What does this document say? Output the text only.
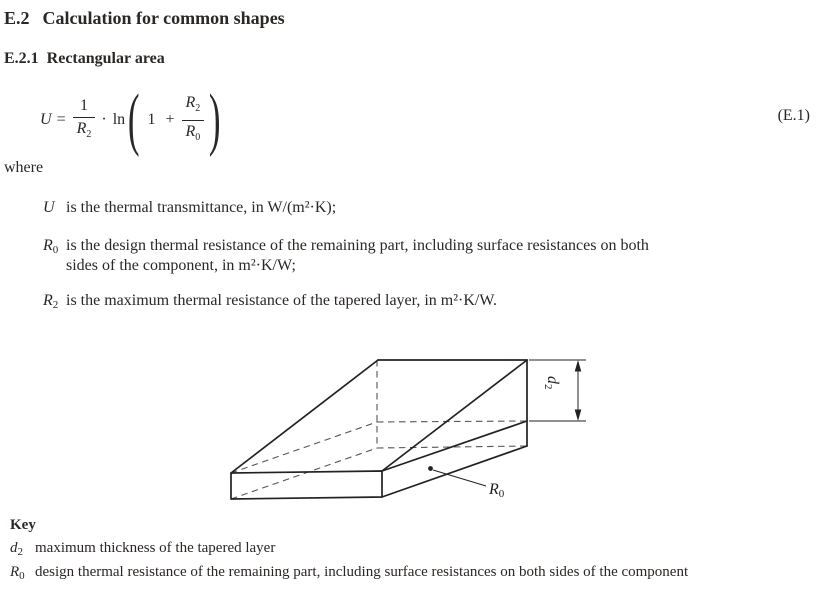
E.2 Calculation for common shapes
E.2.1 Rectangular area
$U = \frac{1}{R_2} \cdot \ln$ ( $1 + \frac{R_2}{R_0}$ )	(E.1)
where
U is the thermal transmittance, in W/(m²·K);
$R_0$ is the design thermal resistance of the remaining part, including surface resistances on both
sides of the component, in m²·K/W;
$R_2$ is the maximum thermal resistance of the tapered layer, in m²·K/W.
$d_2$
$R_0$
Key
$d_2$ maximum thickness of the tapered layer
$R_0$ design thermal resistance of the remaining part, including surface resistances on both sides of the component
